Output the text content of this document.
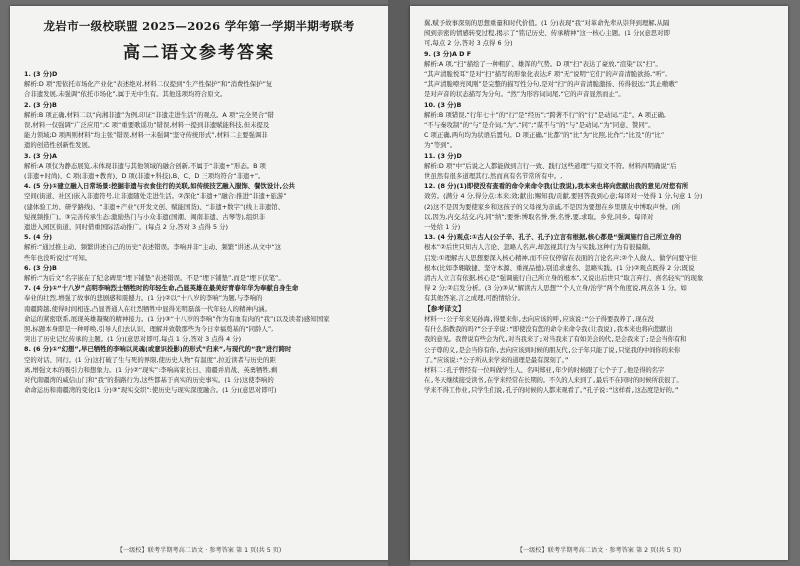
龙岩市一级校联盟 2025—2026 学年第一学期半期考联考
高二语文参考答案
1. (3 分)D
解析:D 项“需依托市场化产业化”表述绝对,材料二仅提到“生产性保护”和“消费性保护”复
合非遗发展,未强调“依托市场化”,属于无中生有。其他选项均符合原文。
2. (3 分)B
解析:B 项正确,材料二以“向湘非遗”为例,印证“非遗走进生活”的观点。A 项“完全契合”错
误,材料一仅强调“广泛应用”;C 项“重要歌谣功”错误,材料一提到非遗赋能科技,但未提及
能力领域;D 项两则材料“均主张”错误,材料一未强调“坚守传统形式”,材料二主要强调非
遗的创造性创新性发展。
3. (3 分)A
解析:A 项仅为静态展览,未体现非遗与其他领域的融合创新,不属于“非遗+”形态。B 项
(非遗+时尚)、C 项(非遗+教育)、D 项(非遗+科技),B、C、D 三项均符合“非遗+”。
4. (5 分)①建立融入日常场景:挖掘非遗与衣食住行的关联,如传统技艺融入服饰、餐饮设计,公共
空间(街道、社区)嵌入非遗符号,让非遗随处走进生活。②深化“非遗+”融合:推进“非遗+旅游”
(建体验工坊、研学路线)、“非遗+产业”(开发文创、赋能国货)、“非遗+数字”(线上非遗馆、
短视频推广)。③完善传承生态:激励热门与小众非遗(国潮、闽南非遗、古琴等),组织非
遗进入园区街道、同时借重国际活动推广。(每点 2 分,答对 3 点得 5 分)
5. (4 分)
解析:“通过推主动、频繁讲述自己的历史”表述错误。李响并非“主动、频繁”讲述,从文中“这
些年也没听说过”可知。
6. (3 分)B
解析:“为后文”名字嵌在了纪念碑里“埋下铺垫”表述错误。不是“埋下铺垫”,而是“埋下伏笔”。
7. (4 分)①“十八岁”点明李响烈士牺牲时的年轻生命,凸显英雄在最美好青春年华为奉献自身生命
奉业的壮烈,增强了故事的悲剧感和震撼力。(1 分)②以“十八岁的李响”为题,与李响的
南疆跨越,使得时间相连,凸显普通人在壮烈牺牲中显得光明磊落一代年轻人的精神内涵。
命运的紧密联系,展现英雄凝聚的精神接力。(1 分)③“十八岁的李响”作为有血有肉的“我”(以及读者)感知国家
照,标题本身即是一种呼唤,引导人们去认识、理解并致敬那些为今日幸福奠基的“同龄人”,
突出了历史记忆传承的主题。(1 分)(意思对即可,每点 1 分,答对 3 点得 4 分)
8. (6 分)①“幻想”,早已牺牲的李响以灵魂(或意识投影)的形式“归来”,与现代的“我”进行跨时
空的对话、同行。(1 分)这打破了生与死的界限,使历史人物“有温度”,拉近读者与历史的距
离,增强文本的吸引力和想象力。(1 分)②“现实”:李响高家长日、南疆并肩战、英勇牺牲,剩
对代南疆湾的威信山门和“我”的指路行为,这些都基于真实的历史事实。(1 分)这使李响的
命命运历和南疆湾的变化(1 分)③“现实交织”:使历史与现实深度融合。(1 分)(意思对即可)
【一级校】联考半期考高二语文 · 参考答案 第 1 页(共 5 页)
翼,赋予故事深刻的思想重量和时代价值。(1 分)表现“我”对革命先辈从崇拜到理解,从隔
阂到亲密的情感转变过程,揭示了“铭记历史、传承精神”这一核心主题。(1 分)(意思对即
可,每点 2 分,答对 3 点得 6 分)
9. (3 分)A D F
解析:A 项,“扫”描绘了一种粗犷、雄浑的气势。D 项“扫”表达了豪放,“渲染”以“扫”。
“其声清脆悦耳”是对“扫”描写的形象化表达;F 项“无”说明“它们”的声音清脆欲扬,“听”,
“其声清脆嘹亮风刚”是完整的描写性分句,是对“扫”的声音清脆激扬、传得很远;“其止嗷嗷”
是对声音的状态描写为分句。“然”为形容词词尾,“它的声音显然而止”。
10. (3 分)B
解析:B 项错误,“行年七十”的“行”是“经历”;“跨著不行”的“行”是动词,“走”。A 项正确,
“不与秦攻制”的“与”是介词,“为”,“同”;“谋不与”的“与”是动词,“为”同意、赞同”。
C 项正确,两句均为状语后置句。D 项正确,“比都”的“比”为“比照,比作”;“比及”的“比”
为“等到”。
11. (3 分)D
解析:D 项“中”后说之人都能做到言行一致、践行这些道理”与原文不符。材料四明确说“后
世虽然有很多道理其行,然而真有名节常所有中。,
12. (8 分)(1)即使没有查看的命令来命令我(让我说),我本来也将向您献出我的意见/对您有所
效劳。(满分 4 分,得分点:本来;效;献出;赐知我/贡献,要回答我到心意;每译对一处得 1 分,句意 1 分)
(2)这不是因为要使家乡和这孩子的父母视为亲戚,不是因为要想在乡里朋友中博取声誉。(所
以,因为,内交,结交,内,同“纳”;要誉:博取名誉,誉,名誉,要,求取。乡党,同乡。每译对
一处给 1 分)
13. (4 分)观点:①古人(公子辛、孔子、孔子)立言有根据,核心都是“强调施行自己所立身的
根本”②后世只知古人言论、忽略人名声,却忽视其行为与实践,这种行为有很偏颇。
启发:①理解古人思想要深入核心精神,而不应仅停留在表面的言论名声;②个人做人、做学问要守住
根本(比如李翱敏捷、坚守本源、重视品德),别追求虚名、忽略实践。(1 分)②观点既得 2 分;既说
清古人立言有依据,核心是“强调施行自己所立身的根本”,又说出后世只“取言弃行、喜名轻实”的现象
得 2 分;②启发分析。(3 分)③从“解读古人思想”“个人立身/治学”两个角度说,两点各 1 分。如
有其他答案,言之成理,可酌情给分。
【参考译文】
材料一:公子年来见孙海,得要来你,去向应该的呼,应该说:“公子得要我养了,现在没
有什么指教我的吗?”公子辛说:“即使没有您的命令来命令我(让我说),我本来也将向您献出
我的意见。我曾说有些会为代,对当我来了;对当我来了有如美会的代,是会我来了;是会当你有和
公子尊的义,是会当你有你,去向应该到时候的朋友代,公子年只能了说,只觉我的中间你的来你
了。”应该说:“公子所从来学来的道理是最有深刻了。”
材料二:孔子曾经有一位叫做学生人、名叫郑亚,年少的时候跟了七个子了,他是得的名字
在,冬天继续接受读书,在学来经常在长期的。不久的人来到了,最后不在同时的时候所获很了。
学来不得工作业,只学生们说,孔子的时候的人都来观看了。”孔子说:“这样看,这态度是好的。”
【一级校】联考半期考高二语文 · 参考答案 第 2 页(共 5 页)
